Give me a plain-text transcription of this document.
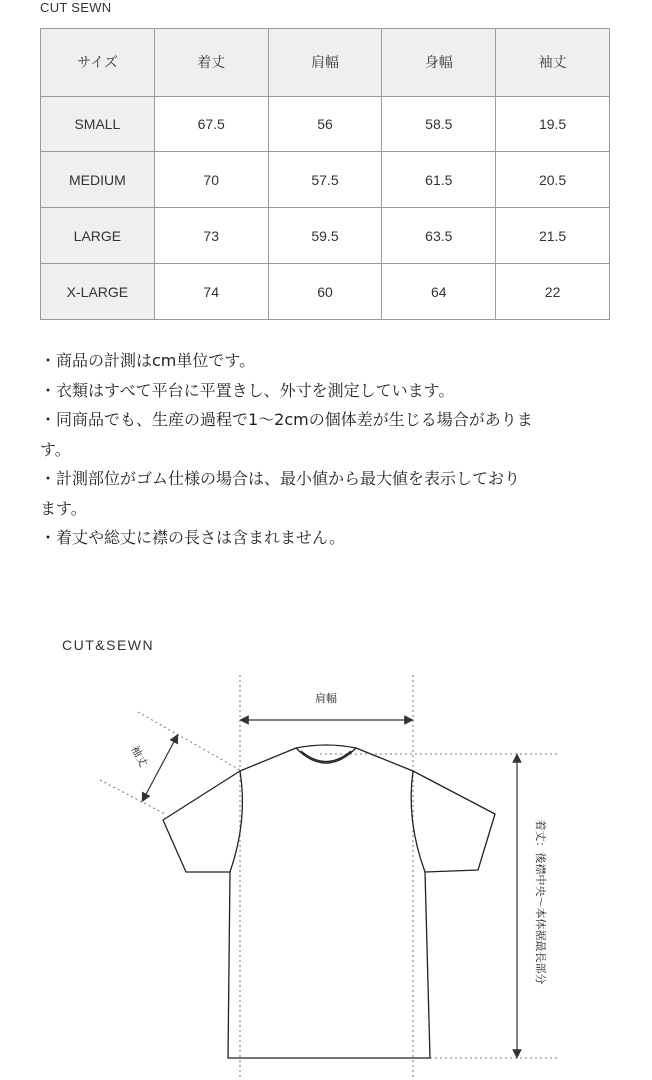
CUT SEWN
サイズ	着丈	肩幅	身幅	袖丈
SMALL	67.5	56	58.5	19.5
MEDIUM	70	57.5	61.5	20.5
LARGE	73	59.5	63.5	21.5
X-LARGE	74	60	64	22
・商品の計測はcm単位です。
・衣類はすべて平台に平置きし、外寸を測定しています。
・同商品でも、生産の過程で1〜2cmの個体差が生じる場合がありま
す。
・計測部位がゴム仕様の場合は、最小値から最大値を表示しており
ます。
・着丈や総丈に襟の長さは含まれません。
CUT&SEWN
肩幅
袖丈
着丈：後襟中央〜本体裾最長部分
